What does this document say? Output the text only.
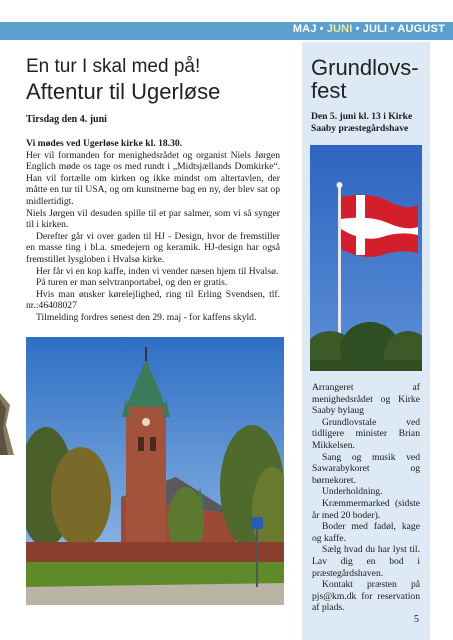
MAJ • JUNI • JULI • AUGUST
En tur I skal med på!
Aftentur til Ugerløse
Tirsdag den 4. juni

Vi mødes ved Ugerløse kirke kl. 18.30.

Her vil formanden for menighedsrådet og organist Niels Jørgen Englich møde os tage os med rundt i „Midtsjællands Domkirke“. Han vil fortælle om kirken og ikke mindst om altertavlen, der måtte en tur til USA, og om kunstnerne bag en ny, der blev sat op midlertidigt.

Niels Jørgen vil desuden spille til et par salmer, som vi så synger til i kirken.

Derefter går vi over gaden til HJ - Design, hvor de fremstiller en masse ting i bl.a. smedejern og keramik. HJ-design har også fremstillet lysgloben i Hvalsø kirke.

Her får vi en kop kaffe, inden vi vender næsen hjem til Hvalsø.

På turen er man selvtranportabel, og den er gratis.

Hvis man ønsker kørelejlighed, ring til Erling Svendsen, tlf. nr.:46408027

Tilmelding fordres senest den 29. maj - for kaffens skyld.

Grundlovs-
fest
Den 5. juni kl. 13 i Kirke Saaby præstegårdshave

Arrangeret af menighedsrådet og Kirke Saaby bylaug

Grundlovstale ved tidligere minister Brian Mikkelsen.

Sang og musik ved Sawarabykoret og børnekoret.

Underholdning.

Kræmmermarked (sidste år med 20 boder).

Boder med fadøl, kage og kaffe.

Sælg hvad du har lyst til. Lav dig en bod i præstegårdshaven.

Kontakt præsten på pjs@km.dk for reservation af plads.

5
